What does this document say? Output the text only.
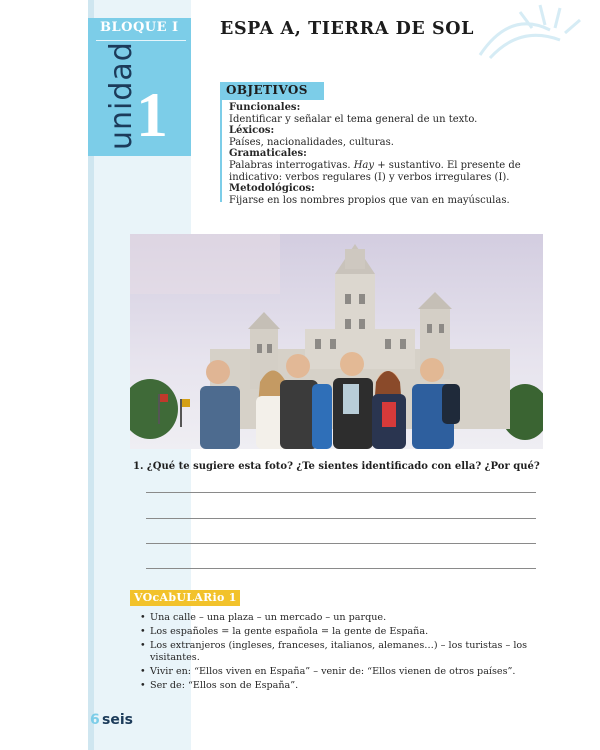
BLOQUE I
unidad
1
ESPA A, TIERRA DE SOL
OBJETIVOS
Funcionales:
Identificar y señalar el tema general de un texto.
Léxicos:
Países, nacionalidades, culturas.
Gramaticales:
Palabras interrogativas. Hay + sustantivo. El presente de indicativo: verbos regulares (I) y verbos irregulares (I).
Metodológicos:
Fijarse en los nombres propios que van en mayúsculas.
1. ¿Qué te sugiere esta foto? ¿Te sientes identificado con ella? ¿Por qué?
VOcAbULARio 1
• Una calle – una plaza – un mercado – un parque.
• Los españoles = la gente española = la gente de España.
• Los extranjeros (ingleses, franceses, italianos, alemanes…) – los turistas – los visitantes.
• Vivir en: “Ellos viven en España” – venir de: “Ellos vienen de otros países”.
• Ser de: “Ellos son de España”.
6 seis
